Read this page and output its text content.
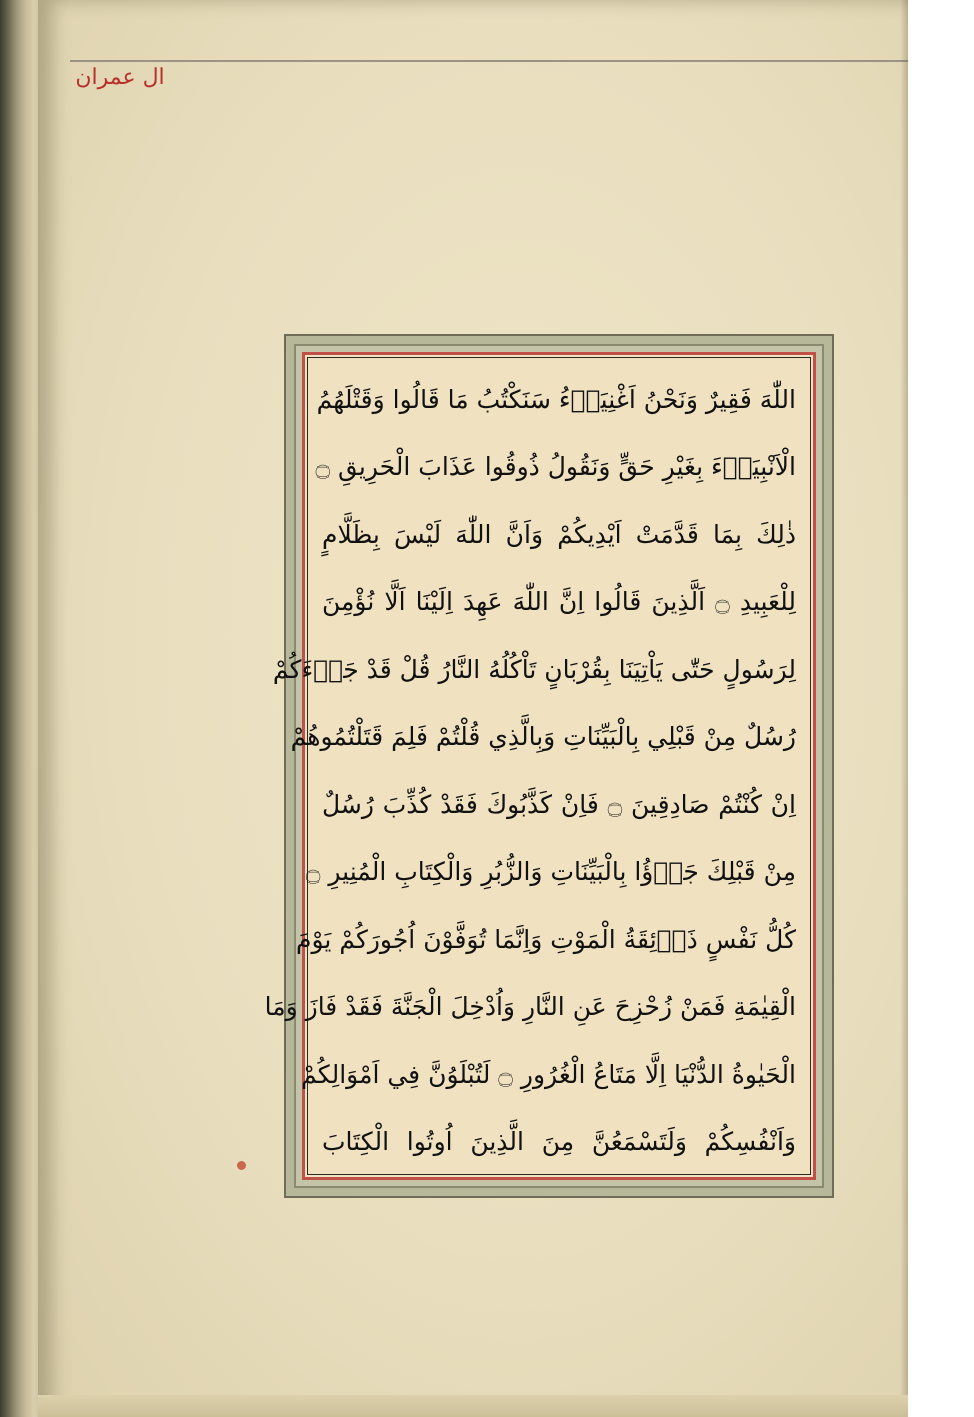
ال عمران
اللّٰهَ فَقِيرٌ وَنَحْنُ اَغْنِيَاۤءُ سَنَكْتُبُ مَا قَالُوا وَقَتْلَهُمُ
الْاَنْبِيَاۤءَ بِغَيْرِ حَقٍّ وَنَقُولُ ذُوقُوا عَذَابَ الْحَرِيقِ ۝
ذٰلِكَ بِمَا قَدَّمَتْ اَيْدِيكُمْ وَاَنَّ اللّٰهَ لَيْسَ بِظَلَّامٍ
لِلْعَبِيدِ ۝ اَلَّذِينَ قَالُوا اِنَّ اللّٰهَ عَهِدَ اِلَيْنَا اَلَّا نُؤْمِنَ
لِرَسُولٍ حَتّٰى يَاْتِيَنَا بِقُرْبَانٍ تَاْكُلُهُ النَّارُ قُلْ قَدْ جَاۤءَكُمْ
رُسُلٌ مِنْ قَبْلِي بِالْبَيِّنَاتِ وَبِالَّذِي قُلْتُمْ فَلِمَ قَتَلْتُمُوهُمْ
اِنْ كُنْتُمْ صَادِقِينَ ۝ فَاِنْ كَذَّبُوكَ فَقَدْ كُذِّبَ رُسُلٌ
مِنْ قَبْلِكَ جَاۤؤُا بِالْبَيِّنَاتِ وَالزُّبُرِ وَالْكِتَابِ الْمُنِيرِ ۝
كُلُّ نَفْسٍ ذَاۤئِقَةُ الْمَوْتِ وَاِنَّمَا تُوَفَّوْنَ اُجُورَكُمْ يَوْمَ
الْقِيٰمَةِ فَمَنْ زُحْزِحَ عَنِ النَّارِ وَاُدْخِلَ الْجَنَّةَ فَقَدْ فَازَ وَمَا
الْحَيٰوةُ الدُّنْيَا اِلَّا مَتَاعُ الْغُرُورِ ۝ لَتُبْلَوُنَّ فِي اَمْوَالِكُمْ
وَاَنْفُسِكُمْ وَلَتَسْمَعُنَّ مِنَ الَّذِينَ اُوتُوا الْكِتَابَ
